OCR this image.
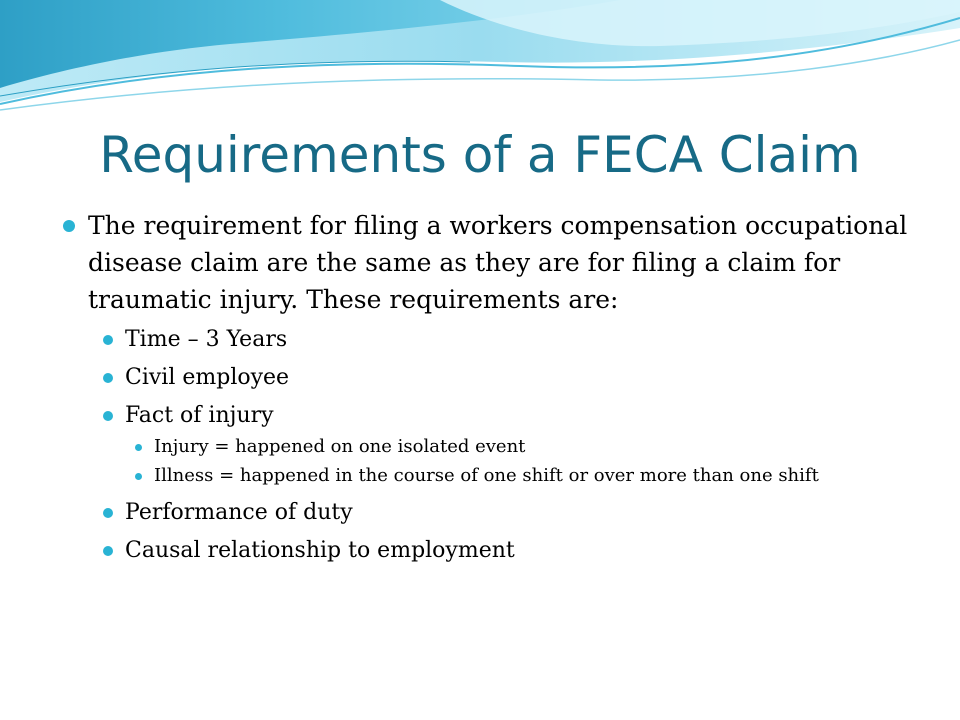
Requirements of a FECA Claim
The requirement for filing a workers compensation occupational disease claim are the same as they are for filing a claim for traumatic injury. These requirements are:
Time – 3 Years
Civil employee
Fact of injury
Injury = happened on one isolated event
Illness = happened in the course of one shift or over more than one shift
Performance of duty
Causal relationship to employment
